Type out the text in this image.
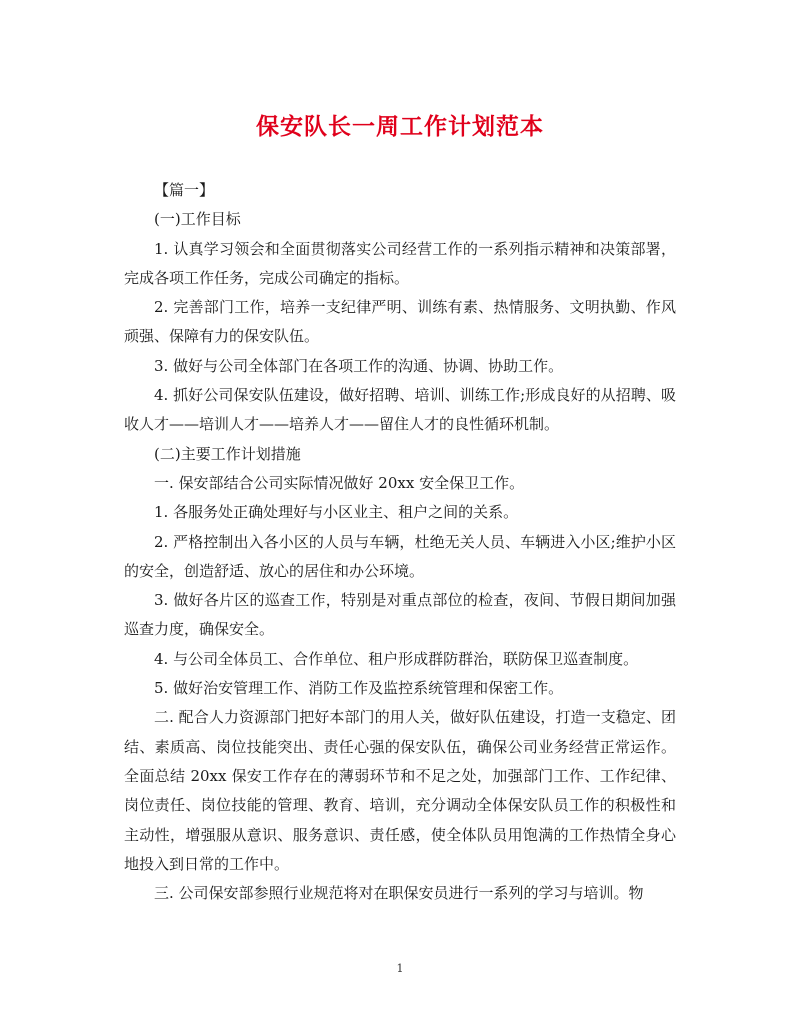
保安队长一周工作计划范本

【篇一】

(一)工作目标

1. 认真学习领会和全面贯彻落实公司经营工作的一系列指示精神和决策部署，完成各项工作任务，完成公司确定的指标。

2. 完善部门工作，培养一支纪律严明、训练有素、热情服务、文明执勤、作风顽强、保障有力的保安队伍。

3. 做好与公司全体部门在各项工作的沟通、协调、协助工作。

4. 抓好公司保安队伍建设，做好招聘、培训、训练工作;形成良好的从招聘、吸收人才——培训人才——培养人才——留住人才的良性循环机制。

(二)主要工作计划措施

一. 保安部结合公司实际情况做好 20xx 安全保卫工作。

1. 各服务处正确处理好与小区业主、租户之间的关系。

2. 严格控制出入各小区的人员与车辆，杜绝无关人员、车辆进入小区;维护小区的安全，创造舒适、放心的居住和办公环境。

3. 做好各片区的巡查工作，特别是对重点部位的检查，夜间、节假日期间加强巡查力度，确保安全。

4. 与公司全体员工、合作单位、租户形成群防群治，联防保卫巡查制度。

5. 做好治安管理工作、消防工作及监控系统管理和保密工作。

二. 配合人力资源部门把好本部门的用人关，做好队伍建设，打造一支稳定、团结、素质高、岗位技能突出、责任心强的保安队伍，确保公司业务经营正常运作。全面总结 20xx 保安工作存在的薄弱环节和不足之处，加强部门工作、工作纪律、岗位责任、岗位技能的管理、教育、培训，充分调动全体保安队员工作的积极性和主动性，增强服从意识、服务意识、责任感，使全体队员用饱满的工作热情全身心地投入到日常的工作中。

三. 公司保安部参照行业规范将对在职保安员进行一系列的学习与培训。物

1
